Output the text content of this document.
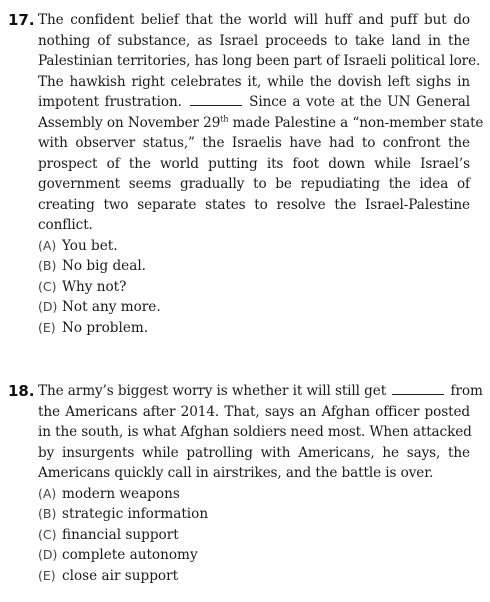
17. The confident belief that the world will huff and puff but do
nothing of substance, as Israel proceeds to take land in the
Palestinian territories, has long been part of Israeli political lore.
The hawkish right celebrates it, while the dovish left sighs in
impotent frustration.	Since a vote at the UN General
Assembly on November 29th made Palestine a “non-member state
with observer status,” the Israelis have had to confront the
prospect of the world putting its foot down while Israel’s
government seems gradually to be repudiating the idea of
creating two separate states to resolve the Israel-Palestine
conflict.
(A) You bet.
(B) No big deal.
(C) Why not?
(D) Not any more.
(E) No problem.
18. The army’s biggest worry is whether it will still get	from
the Americans after 2014. That, says an Afghan officer posted
in the south, is what Afghan soldiers need most. When attacked
by insurgents while patrolling with Americans, he says, the
Americans quickly call in airstrikes, and the battle is over.
(A) modern weapons
(B) strategic information
(C) financial support
(D) complete autonomy
(E) close air support
